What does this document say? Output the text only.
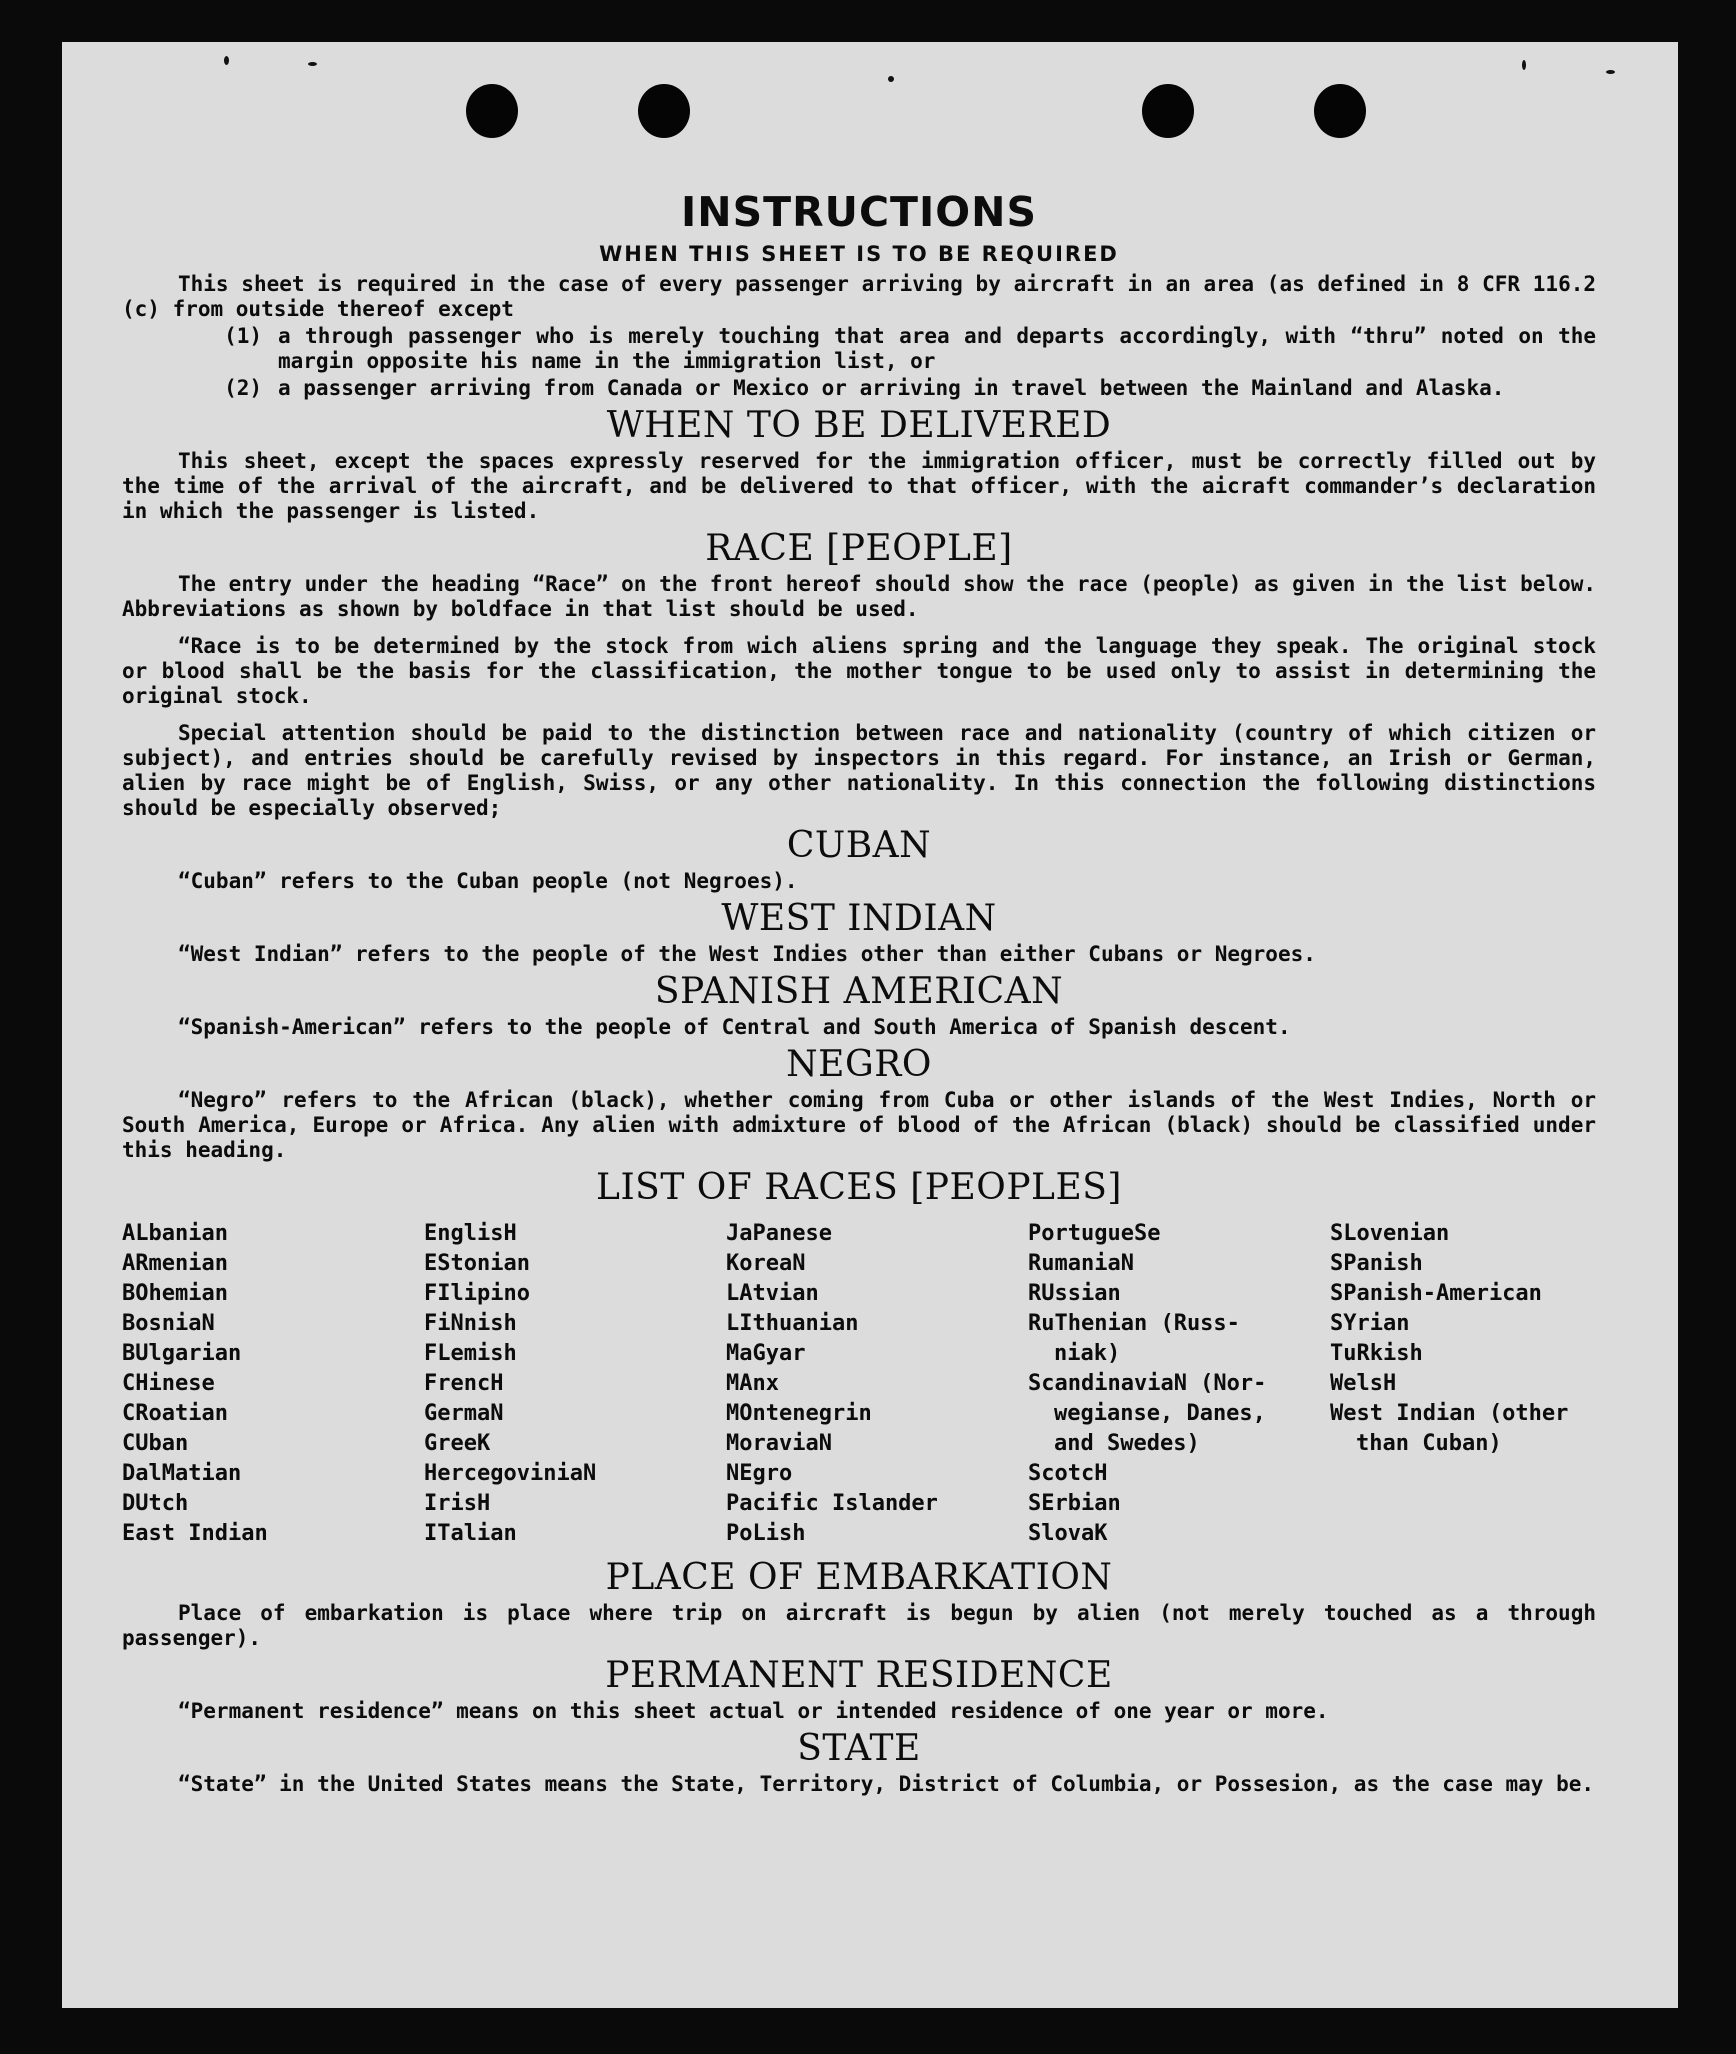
INSTRUCTIONS
WHEN THIS SHEET IS TO BE REQUIRED

This sheet is required in the case of every passenger arriving by aircraft in an area (as defined in 8 CFR 116.2 (c) from outside thereof except

(1) a through passenger who is merely touching that area and departs accordingly, with “thru” noted on the margin opposite his name in the immigration list, or
(2) a passenger arriving from Canada or Mexico or arriving in travel between the Mainland and Alaska.
WHEN TO BE DELIVERED

This sheet, except the spaces expressly reserved for the immigration officer, must be correctly filled out by the time of the arrival of the aircraft, and be delivered to that officer, with the aicraft commander’s declaration in which the passenger is listed.

RACE [PEOPLE]

The entry under the heading “Race” on the front hereof should show the race (people) as given in the list below. Abbreviations as shown by boldface in that list should be used.

“Race is to be determined by the stock from wich aliens spring and the language they speak. The original stock or blood shall be the basis for the classification, the mother tongue to be used only to assist in determining the original stock.

Special attention should be paid to the distinction between race and nationality (country of which citizen or subject), and entries should be carefully revised by inspectors in this regard. For instance, an Irish or German, alien by race might be of English, Swiss, or any other nationality. In this connection the following distinctions should be especially observed;

CUBAN

“Cuban” refers to the Cuban people (not Negroes).

WEST INDIAN

“West Indian” refers to the people of the West Indies other than either Cubans or Negroes.

SPANISH AMERICAN

“Spanish-American” refers to the people of Central and South America of Spanish descent.

NEGRO

“Negro” refers to the African (black), whether coming from Cuba or other islands of the West Indies, North or South America, Europe or Africa. Any alien with admixture of blood of the African (black) should be classified under this heading.

LIST OF RACES [PEOPLES]
ALbanian
ARmenian
BOhemian
BosniaN
BUlgarian
CHinese
CRoatian
CUban
DalMatian
DUtch
East Indian
EnglisH
EStonian
FIlipino
FiNnish
FLemish
FrencH
GermaN
GreeK
HercegoviniaN
IrisH
ITalian
JaPanese
KoreaN
LAtvian
LIthuanian
MaGyar
MAnx
MOntenegrin
MoraviaN
NEgro
Pacific Islander
PoLish
PortugueSe
RumaniaN
RUssian
RuThenian (Russ-
niak)
ScandinaviaN (Nor-
wegianse, Danes,
and Swedes)
ScotcH
SErbian
SlovaK
SLovenian
SPanish
SPanish-American
SYrian
TuRkish
WelsH
West Indian (other
than Cuban)
PLACE OF EMBARKATION

Place of embarkation is place where trip on aircraft is begun by alien (not merely touched as a through passenger).

PERMANENT RESIDENCE

“Permanent residence” means on this sheet actual or intended residence of one year or more.

STATE

“State” in the United States means the State, Territory, District of Columbia, or Possesion, as the case may be.
